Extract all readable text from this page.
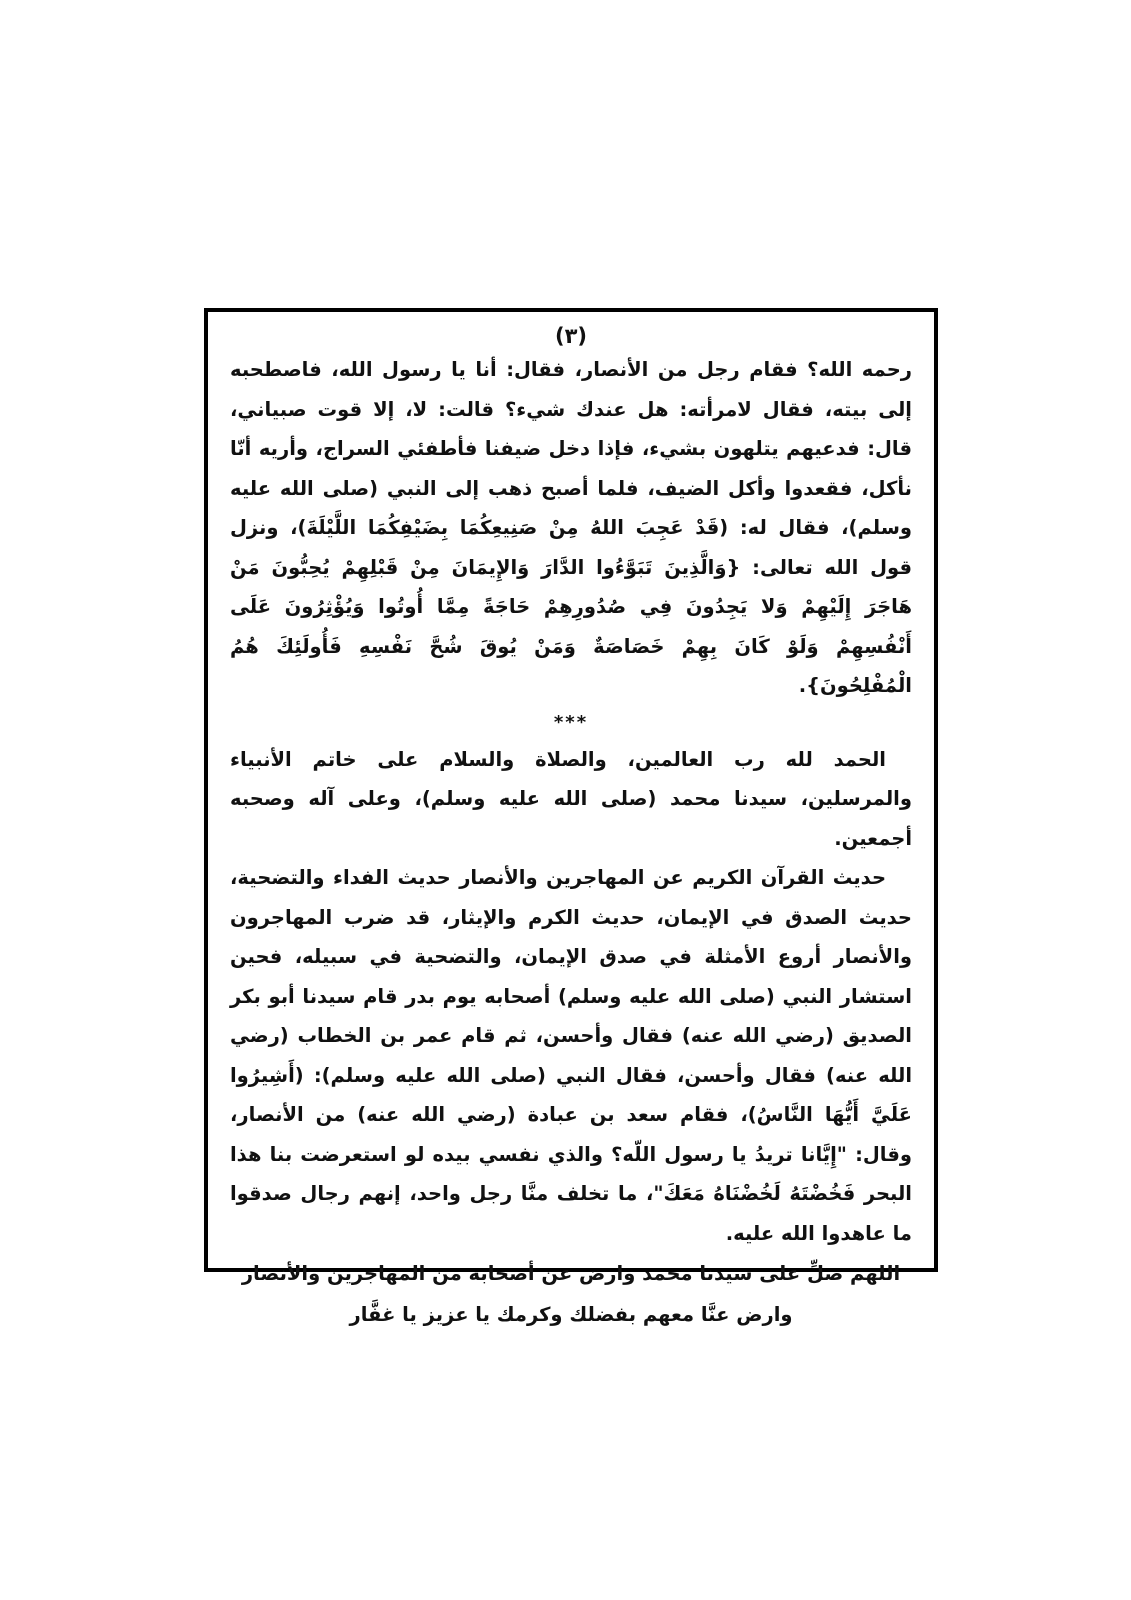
(٣)

رحمه الله؟ فقام رجل من الأنصار، فقال: أنا يا رسول الله، فاصطحبه إلى بيته، فقال لامرأته: هل عندك شيء؟ قالت: لا، إلا قوت صبياني، قال: فدعيهم يتلهون بشيء، فإذا دخل ضيفنا فأطفئي السراج، وأريه أنّا نأكل، فقعدوا وأكل الضيف، فلما أصبح ذهب إلى النبي (صلى الله عليه وسلم)، فقال له: (قَدْ عَجِبَ اللهُ مِنْ صَنِيعِكُمَا بِضَيْفِكُمَا اللَّيْلَةَ)، ونزل قول الله تعالى: {وَالَّذِينَ تَبَوَّءُوا الدَّارَ وَالإِيمَانَ مِنْ قَبْلِهِمْ يُحِبُّونَ مَنْ هَاجَرَ إِلَيْهِمْ وَلا يَجِدُونَ فِي صُدُورِهِمْ حَاجَةً مِمَّا أُوتُوا وَيُؤْثِرُونَ عَلَى أَنْفُسِهِمْ وَلَوْ كَانَ بِهِمْ خَصَاصَةٌ وَمَنْ يُوقَ شُحَّ نَفْسِهِ فَأُولَئِكَ هُمُ الْمُفْلِحُونَ}.

***

الحمد لله رب العالمين، والصلاة والسلام على خاتم الأنبياء والمرسلين، سيدنا محمد (صلى الله عليه وسلم)، وعلى آله وصحبه أجمعين.

حديث القرآن الكريم عن المهاجرين والأنصار حديث الفداء والتضحية، حديث الصدق في الإيمان، حديث الكرم والإيثار، قد ضرب المهاجرون والأنصار أروع الأمثلة في صدق الإيمان، والتضحية في سبيله، فحين استشار النبي (صلى الله عليه وسلم) أصحابه يوم بدر قام سيدنا أبو بكر الصديق (رضي الله عنه) فقال وأحسن، ثم قام عمر بن الخطاب (رضي الله عنه) فقال وأحسن، فقال النبي (صلى الله عليه وسلم): (أَشِيرُوا عَلَيَّ أَيُّهَا النَّاسُ)، فقام سعد بن عبادة (رضي الله عنه) من الأنصار، وقال: "إِيَّانا تريدُ يا رسول اللّه؟ والذي نفسي بيده لو استعرضت بنا هذا البحر فَخُضْتَهُ لَخُضْنَاهُ مَعَكَ"، ما تخلف منَّا رجل واحد، إنهم رجال صدقوا ما عاهدوا الله عليه.

اللهم صلِّ على سيدنا محمد وارض عن أصحابه من المهاجرين والأنصار

وارض عنَّا معهم بفضلك وكرمك يا عزيز يا غفَّار
